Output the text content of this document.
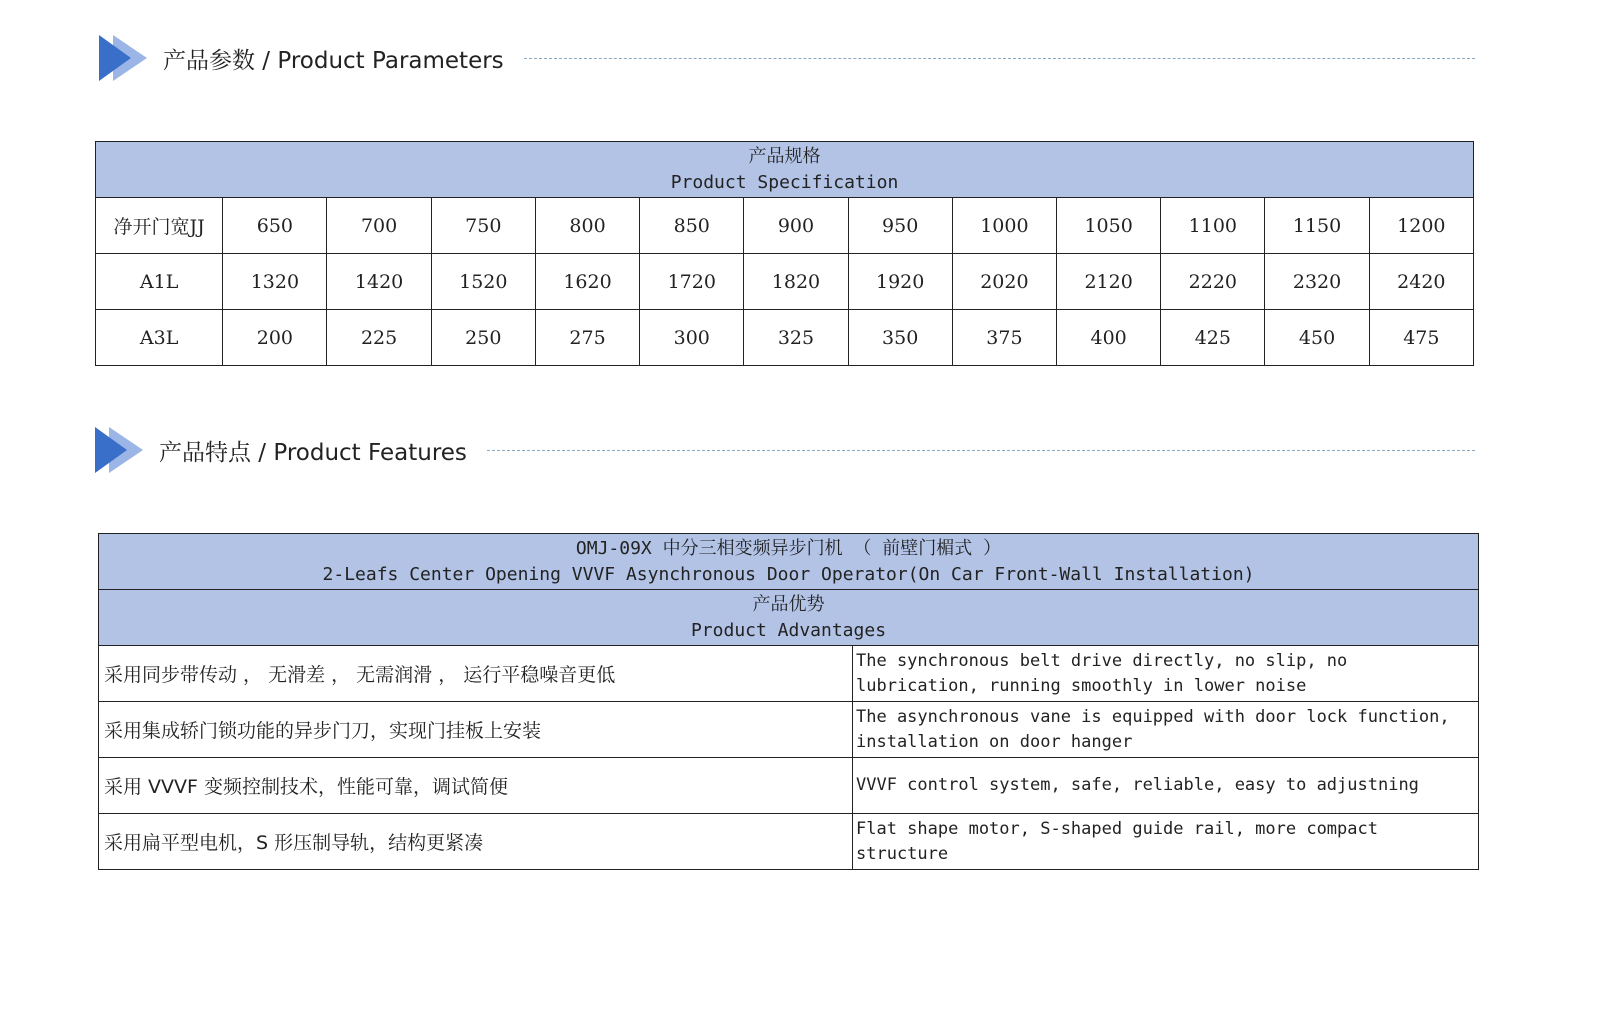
产品参数 / Product Parameters
产品规格
Product Specification												

净开门宽JJ	650	700	750	800	850	900	950	1000	1050	1100	1150	1200
A1L	1320	1420	1520	1620	1720	1820	1920	2020	2120	2220	2320	2420
A3L	200	225	250	275	300	325	350	375	400	425	450	475
产品特点 / Product Features
OMJ-09X 中分三相变频异步门机 （ 前壁门楣式 ）
2-Leafs Center Opening VVVF Asynchronous Door Operator(On Car Front-Wall Installation)	

产品优势
Product Advantages	

采用同步带传动 ， 无滑差 ， 无需润滑 ， 运行平稳噪音更低	The synchronous belt drive directly, no slip, no lubrication, running smoothly in lower noise
采用集成轿门锁功能的异步门刀，实现门挂板上安装	The asynchronous vane is equipped with door lock function, installation on door hanger
采用 VVVF 变频控制技术，性能可靠，调试简便	VVVF control system, safe, reliable, easy to adjustning
采用扁平型电机，S 形压制导轨，结构更紧凑	Flat shape motor, S-shaped guide rail, more compact structure
